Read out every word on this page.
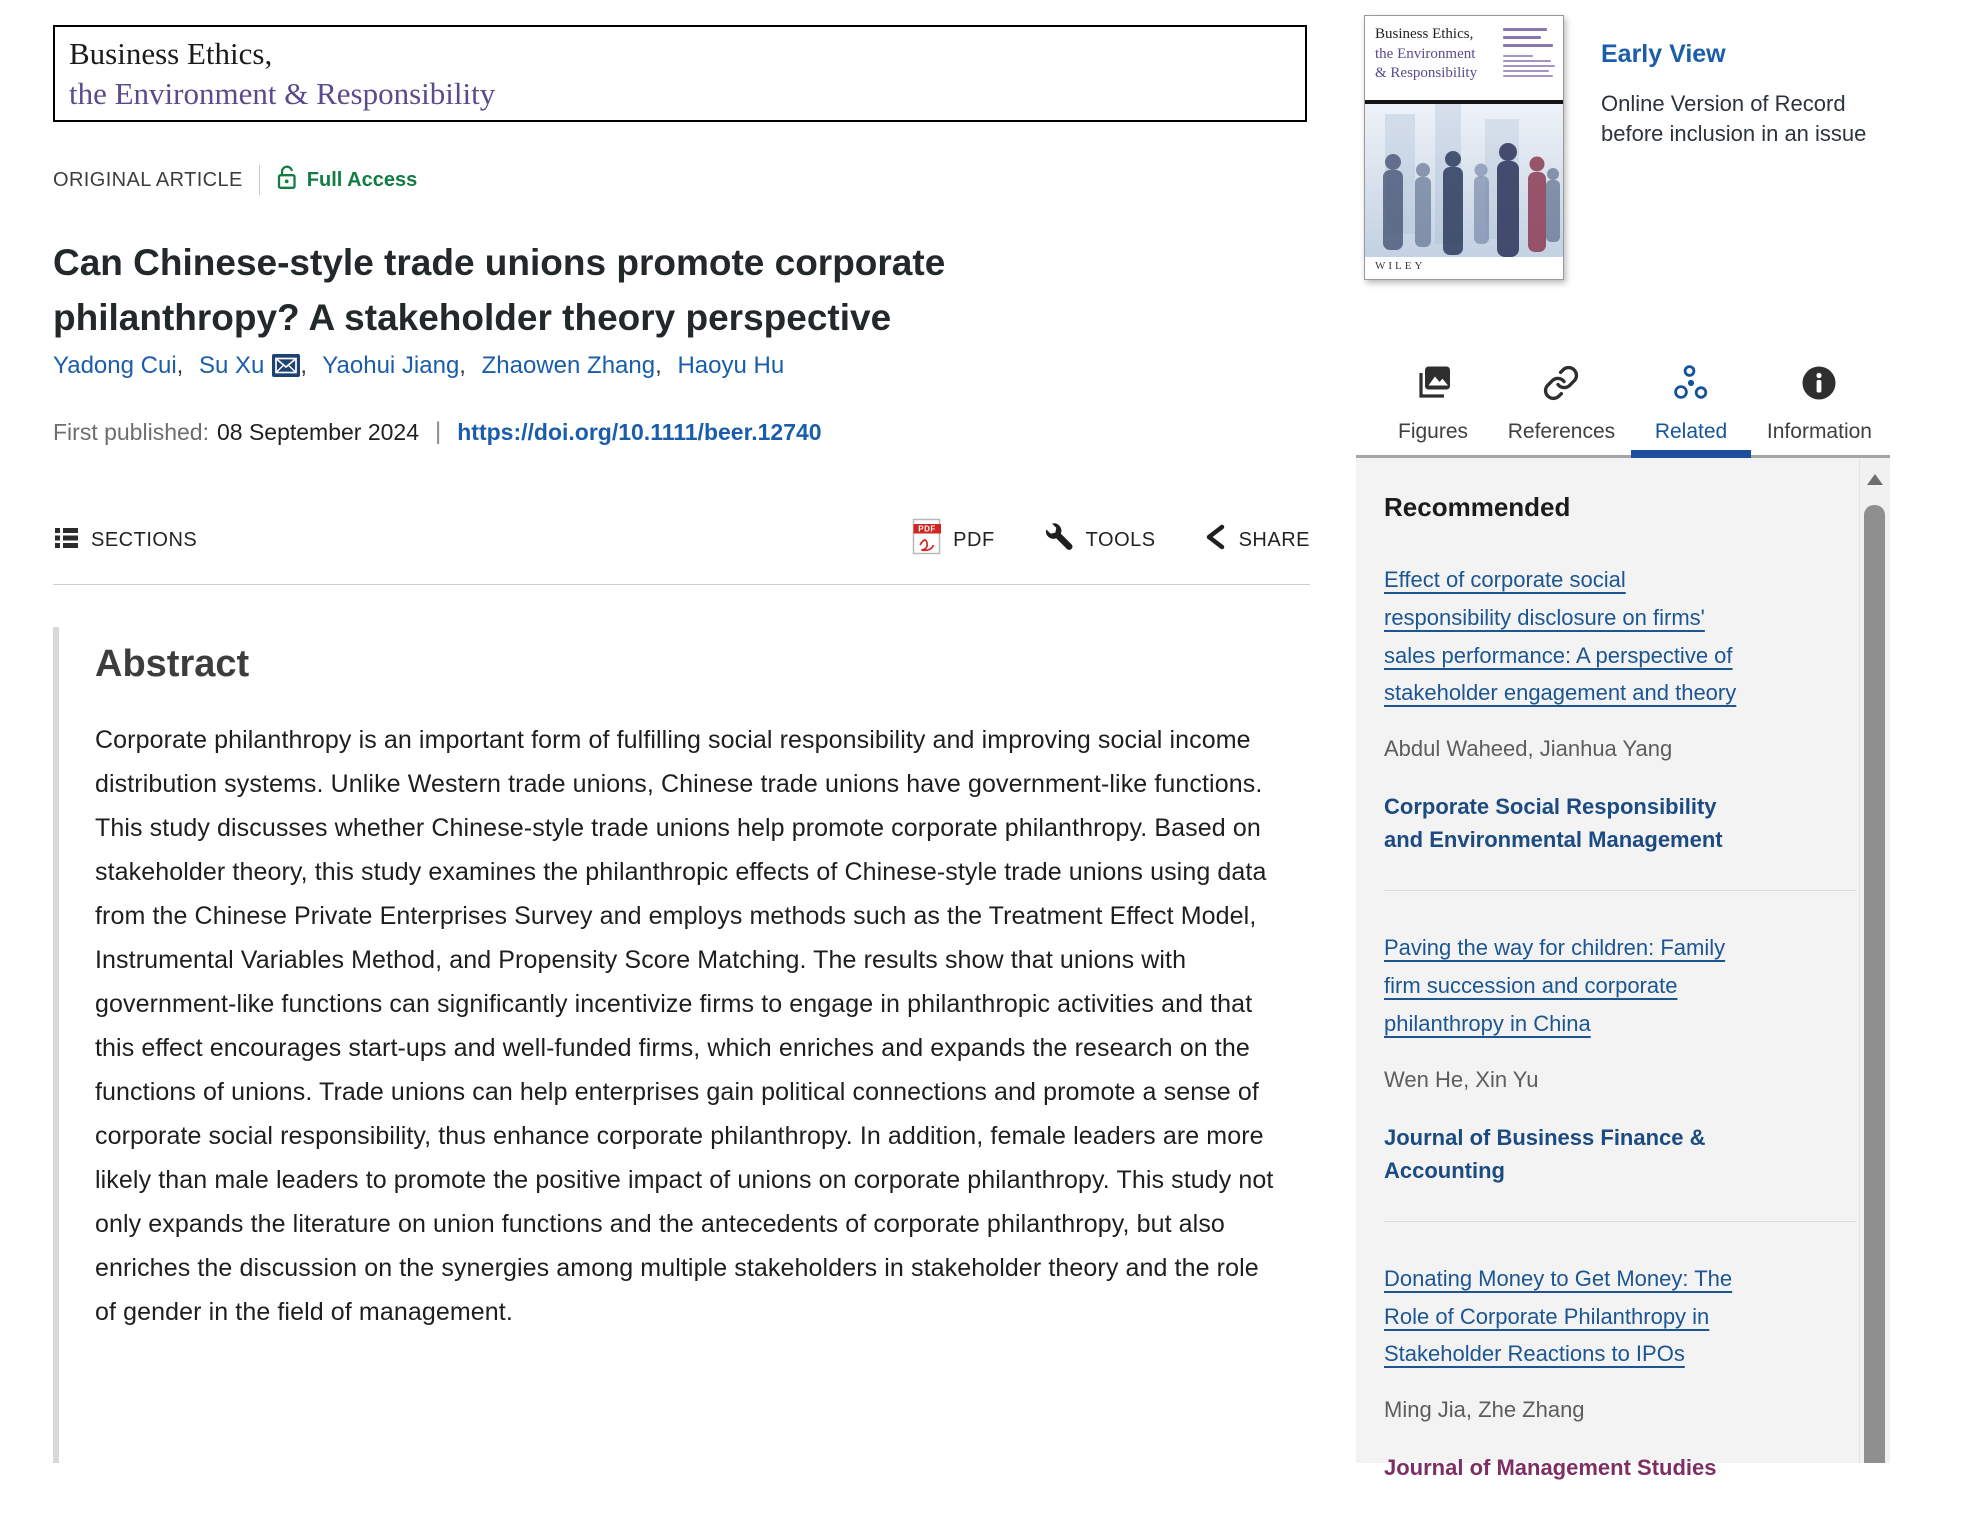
Business Ethics,
the Environment & Responsibility
ORIGINAL ARTICLE	Full Access
Can Chinese-style trade unions promote corporate philanthropy? A stakeholder theory perspective
Yadong Cui, Su Xu , Yaohui Jiang, Zhaowen Zhang, Haoyu Hu
First published: 08 September 2024 | https://doi.org/10.1111/beer.12740
SECTIONS	PDF PDF	TOOLS	SHARE
Abstract

Corporate philanthropy is an important form of fulfilling social responsibility and improving social income distribution systems. Unlike Western trade unions, Chinese trade unions have government-like functions. This study discusses whether Chinese-style trade unions help promote corporate philanthropy. Based on stakeholder theory, this study examines the philanthropic effects of Chinese-style trade unions using data from the Chinese Private Enterprises Survey and employs methods such as the Treatment Effect Model, Instrumental Variables Method, and Propensity Score Matching. The results show that unions with government-like functions can significantly incentivize firms to engage in philanthropic activities and that this effect encourages start-ups and well-funded firms, which enriches and expands the research on the functions of unions. Trade unions can help enterprises gain political connections and promote a sense of corporate social responsibility, thus enhance corporate philanthropy. In addition, female leaders are more likely than male leaders to promote the positive impact of unions on corporate philanthropy. This study not only expands the literature on union functions and the antecedents of corporate philanthropy, but also enriches the discussion on the synergies among multiple stakeholders in stakeholder theory and the role of gender in the field of management.

Business Ethics,
the Environment
& Responsibility
WILEY
Early View
Online Version of Record
before inclusion in an issue
Figures References Related Information
Recommended
Effect of corporate social responsibility disclosure on firms' sales performance: A perspective of stakeholder engagement and theory
Abdul Waheed, Jianhua Yang
Corporate Social Responsibility and Environmental Management
Paving the way for children: Family firm succession and corporate philanthropy in China
Wen He, Xin Yu
Journal of Business Finance & Accounting
Donating Money to Get Money: The Role of Corporate Philanthropy in Stakeholder Reactions to IPOs
Ming Jia, Zhe Zhang
Journal of Management Studies
